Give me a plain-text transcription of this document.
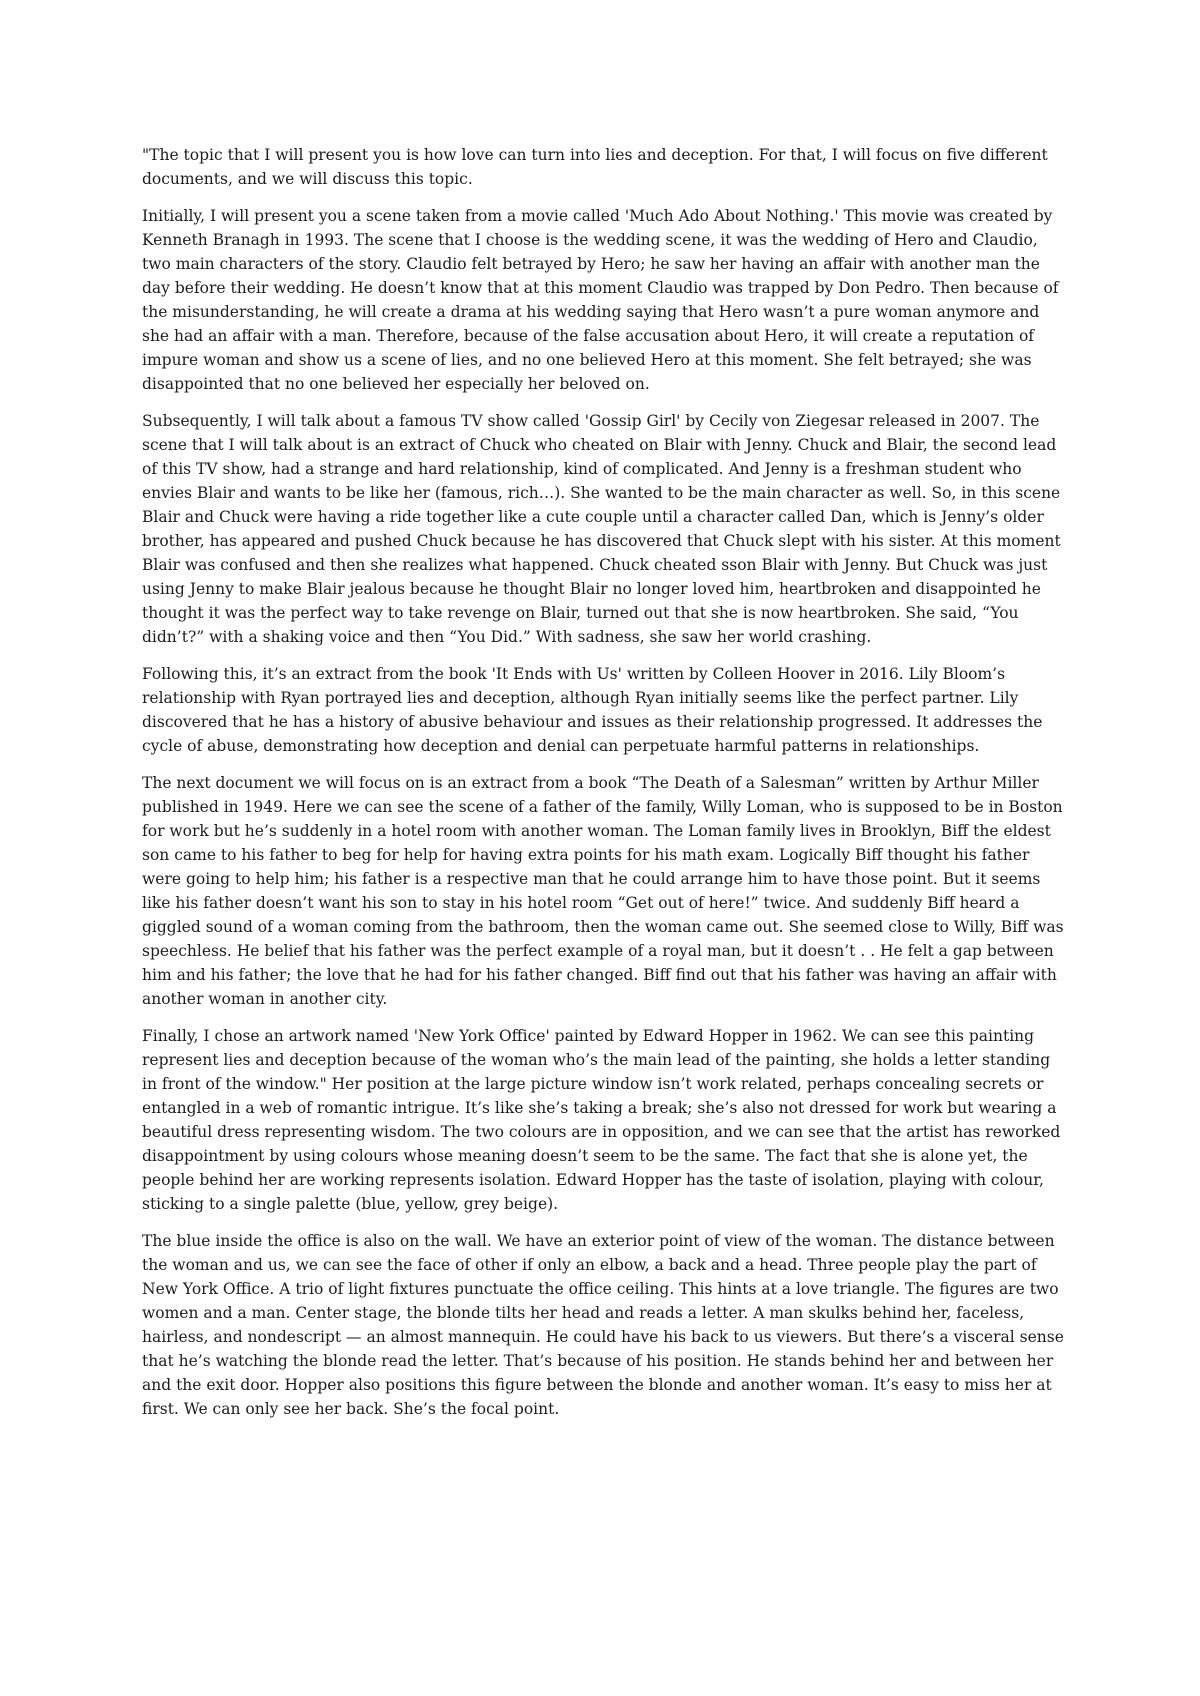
"The topic that I will present you is how love can turn into lies and deception. For that, I will focus on five different documents, and we will discuss this topic.

Initially, I will present you a scene taken from a movie called 'Much Ado About Nothing.' This movie was created by Kenneth Branagh in 1993. The scene that I choose is the wedding scene, it was the wedding of Hero and Claudio, two main characters of the story. Claudio felt betrayed by Hero; he saw her having an affair with another man the day before their wedding. He doesn’t know that at this moment Claudio was trapped by Don Pedro. Then because of the misunderstanding, he will create a drama at his wedding saying that Hero wasn’t a pure woman anymore and she had an affair with a man. Therefore, because of the false accusation about Hero, it will create a reputation of impure woman and show us a scene of lies, and no one believed Hero at this moment. She felt betrayed; she was disappointed that no one believed her especially her beloved on.

Subsequently, I will talk about a famous TV show called 'Gossip Girl' by Cecily von Ziegesar released in 2007. The scene that I will talk about is an extract of Chuck who cheated on Blair with Jenny. Chuck and Blair, the second lead of this TV show, had a strange and hard relationship, kind of complicated. And Jenny is a freshman student who envies Blair and wants to be like her (famous, rich…). She wanted to be the main character as well. So, in this scene Blair and Chuck were having a ride together like a cute couple until a character called Dan, which is Jenny’s older brother, has appeared and pushed Chuck because he has discovered that Chuck slept with his sister. At this moment Blair was confused and then she realizes what happened. Chuck cheated sson Blair with Jenny. But Chuck was just using Jenny to make Blair jealous because he thought Blair no longer loved him, heartbroken and disappointed he thought it was the perfect way to take revenge on Blair, turned out that she is now heartbroken. She said, “You didn’t?” with a shaking voice and then “You Did.” With sadness, she saw her world crashing.

Following this, it’s an extract from the book 'It Ends with Us' written by Colleen Hoover in 2016. Lily Bloom’s relationship with Ryan portrayed lies and deception, although Ryan initially seems like the perfect partner. Lily discovered that he has a history of abusive behaviour and issues as their relationship progressed. It addresses the cycle of abuse, demonstrating how deception and denial can perpetuate harmful patterns in relationships.

The next document we will focus on is an extract from a book “The Death of a Salesman” written by Arthur Miller published in 1949. Here we can see the scene of a father of the family, Willy Loman, who is supposed to be in Boston for work but he’s suddenly in a hotel room with another woman. The Loman family lives in Brooklyn, Biff the eldest son came to his father to beg for help for having extra points for his math exam. Logically Biff thought his father were going to help him; his father is a respective man that he could arrange him to have those point. But it seems like his father doesn’t want his son to stay in his hotel room “Get out of here!” twice. And suddenly Biff heard a giggled sound of a woman coming from the bathroom, then the woman came out. She seemed close to Willy, Biff was speechless. He belief that his father was the perfect example of a royal man, but it doesn’t . . He felt a gap between him and his father; the love that he had for his father changed. Biff find out that his father was having an affair with another woman in another city.

Finally, I chose an artwork named 'New York Office' painted by Edward Hopper in 1962. We can see this painting represent lies and deception because of the woman who’s the main lead of the painting, she holds a letter standing in front of the window." Her position at the large picture window isn’t work related, perhaps concealing secrets or entangled in a web of romantic intrigue. It’s like she’s taking a break; she’s also not dressed for work but wearing a beautiful dress representing wisdom. The two colours are in opposition, and we can see that the artist has reworked disappointment by using colours whose meaning doesn’t seem to be the same. The fact that she is alone yet, the people behind her are working represents isolation. Edward Hopper has the taste of isolation, playing with colour, sticking to a single palette (blue, yellow, grey beige).

The blue inside the office is also on the wall. We have an exterior point of view of the woman. The distance between the woman and us, we can see the face of other if only an elbow, a back and a head. Three people play the part of New York Office. A trio of light fixtures punctuate the office ceiling. This hints at a love triangle. The figures are two women and a man. Center stage, the blonde tilts her head and reads a letter. A man skulks behind her, faceless, hairless, and nondescript — an almost mannequin. He could have his back to us viewers. But there’s a visceral sense that he’s watching the blonde read the letter. That’s because of his position. He stands behind her and between her and the exit door. Hopper also positions this figure between the blonde and another woman. It’s easy to miss her at first. We can only see her back. She’s the focal point.
